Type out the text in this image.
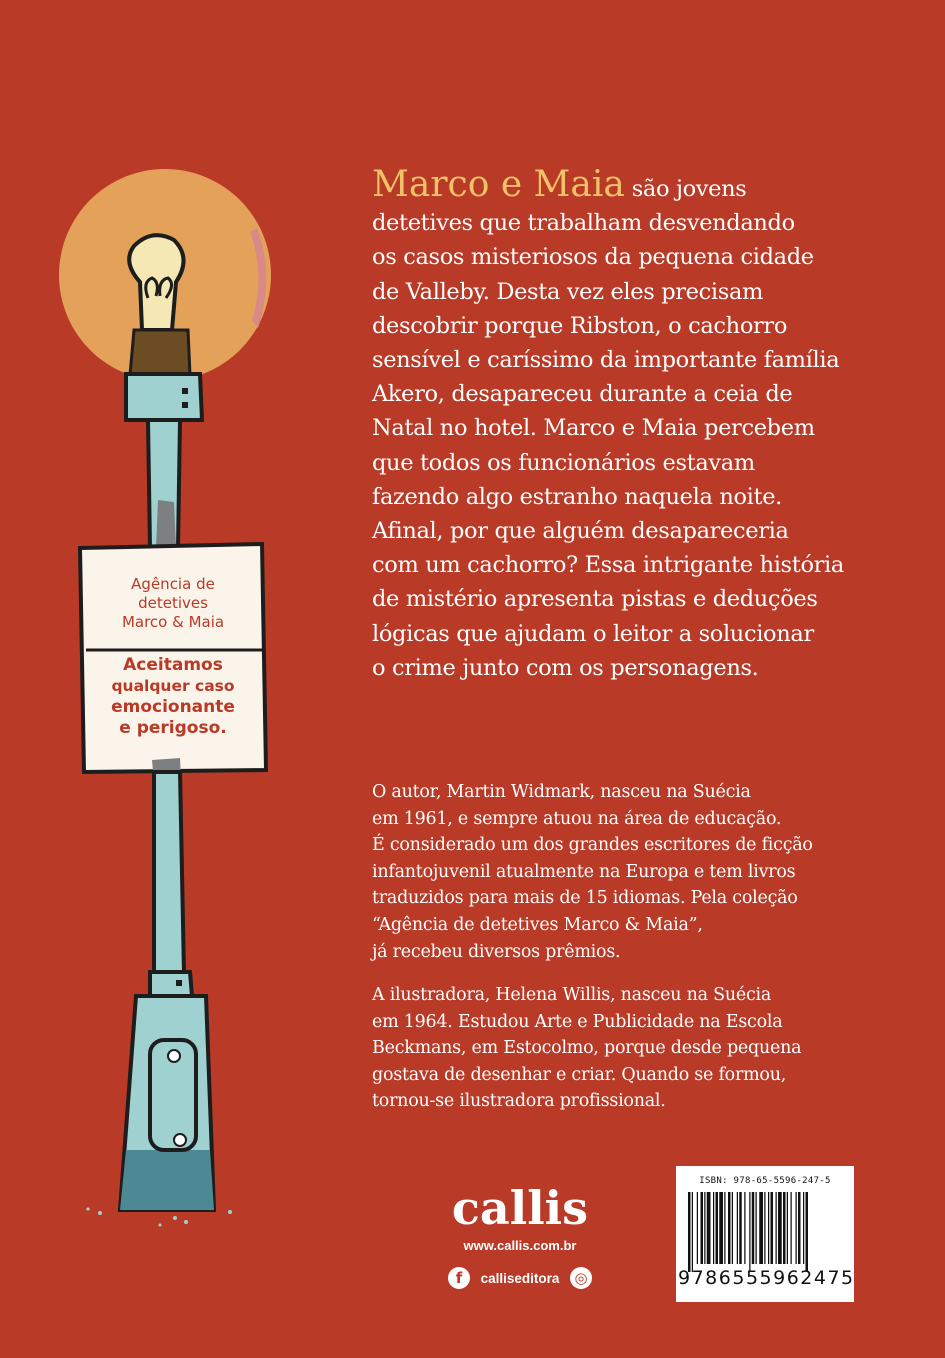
Agência de
detetives
Marco & Maia
Aceitamos
qualquer caso
emocionante
e perigoso.
Marco e Maia são jovens
detetives que trabalham desvendando
os casos misteriosos da pequena cidade
de Valleby. Desta vez eles precisam
descobrir porque Ribston, o cachorro
sensível e caríssimo da importante família
Akero, desapareceu durante a ceia de
Natal no hotel. Marco e Maia percebem
que todos os funcionários estavam
fazendo algo estranho naquela noite.
Afinal, por que alguém desapareceria
com um cachorro? Essa intrigante história
de mistério apresenta pistas e deduções
lógicas que ajudam o leitor a solucionar
o crime junto com os personagens.
O autor, Martin Widmark, nasceu na Suécia
em 1961, e sempre atuou na área de educação.
É considerado um dos grandes escritores de ficção
infantojuvenil atualmente na Europa e tem livros
traduzidos para mais de 15 idiomas. Pela coleção
“Agência de detetives Marco & Maia”,
já recebeu diversos prêmios.
A ilustradora, Helena Willis, nasceu na Suécia
em 1964. Estudou Arte e Publicidade na Escola
Beckmans, em Estocolmo, porque desde pequena
gostava de desenhar e criar. Quando se formou,
tornou-se ilustradora profissional.
callis
www.callis.com.br
f	calliseditora ◎
ISBN: 978-65-5596-247-5
9786555962475
